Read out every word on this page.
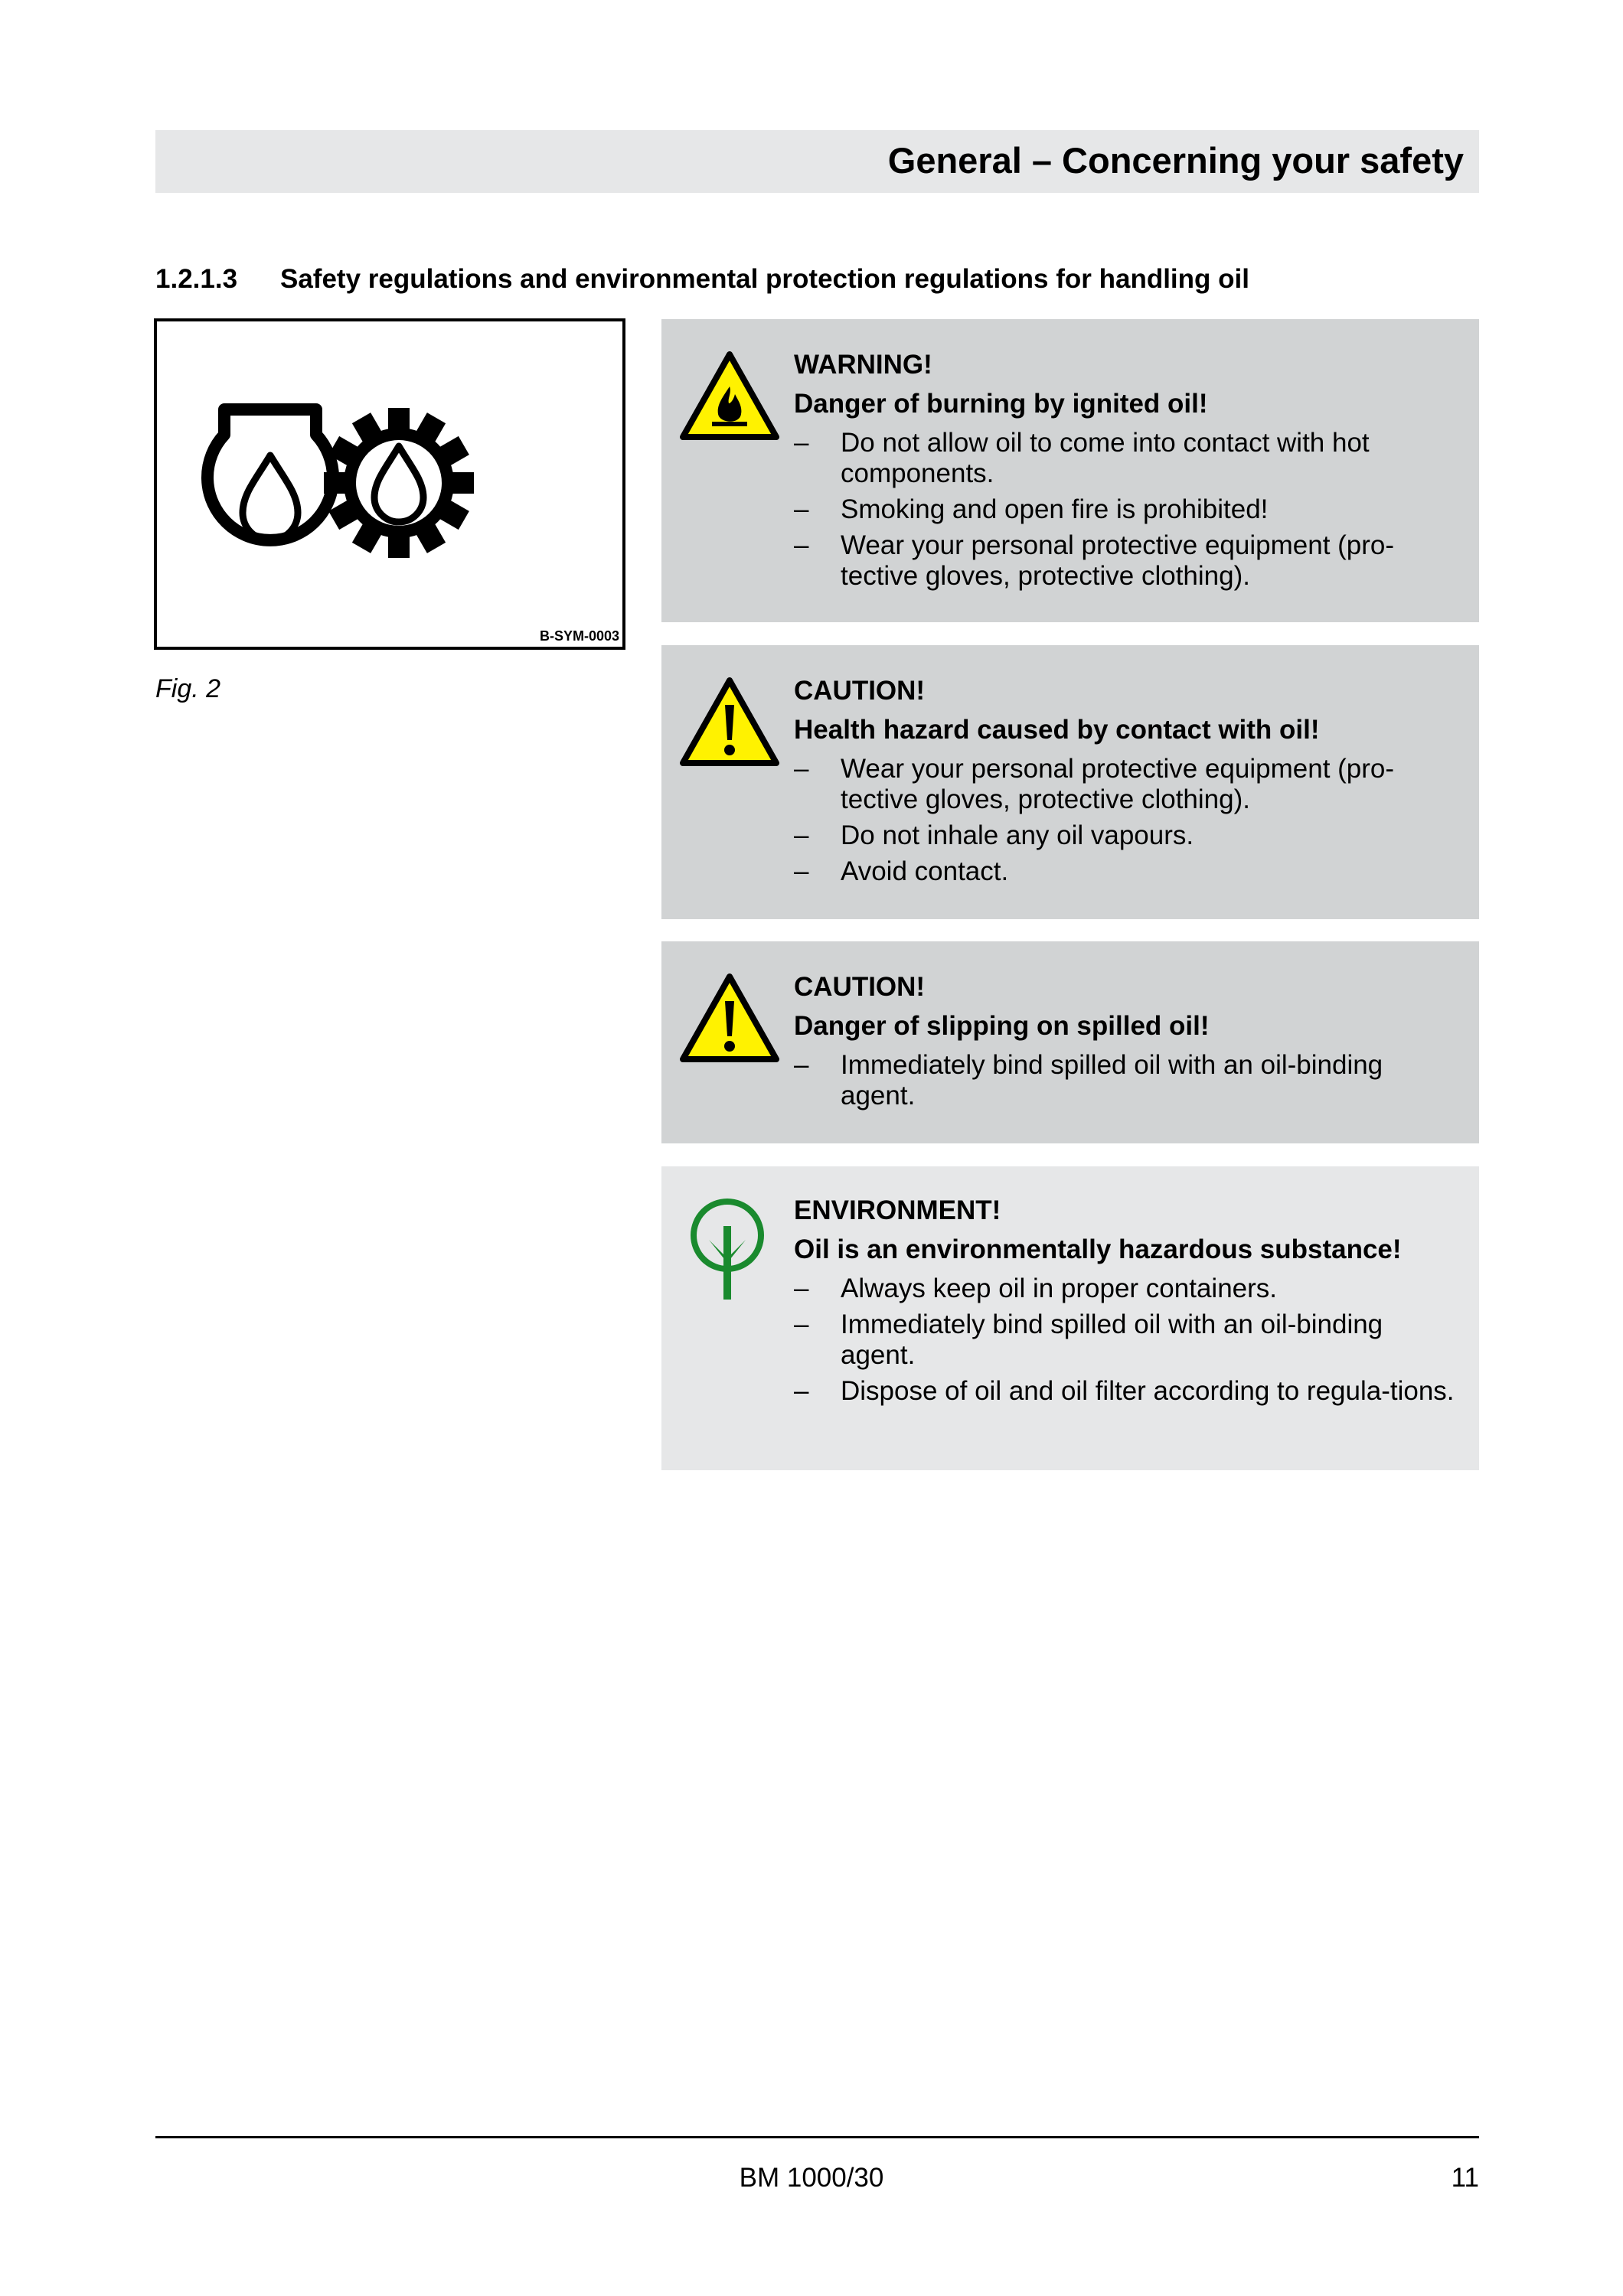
General – Concerning your safety
1.2.1.3 Safety regulations and environmental protection regulations for handling oil
B-SYM-0003
Fig. 2
WARNING!
Danger of burning by ignited oil!
– Do not allow oil to come into contact with hot components.
– Smoking and open fire is prohibited!
– Wear your personal protective equipment (pro-tective gloves, protective clothing).
CAUTION!
Health hazard caused by contact with oil!
– Wear your personal protective equipment (pro-tective gloves, protective clothing).
– Do not inhale any oil vapours.
– Avoid contact.
CAUTION!
Danger of slipping on spilled oil!
– Immediately bind spilled oil with an oil-binding agent.
ENVIRONMENT!
Oil is an environmentally hazardous substance!
– Always keep oil in proper containers.
– Immediately bind spilled oil with an oil-binding agent.
– Dispose of oil and oil filter according to regula-tions.
BM 1000/30	11
